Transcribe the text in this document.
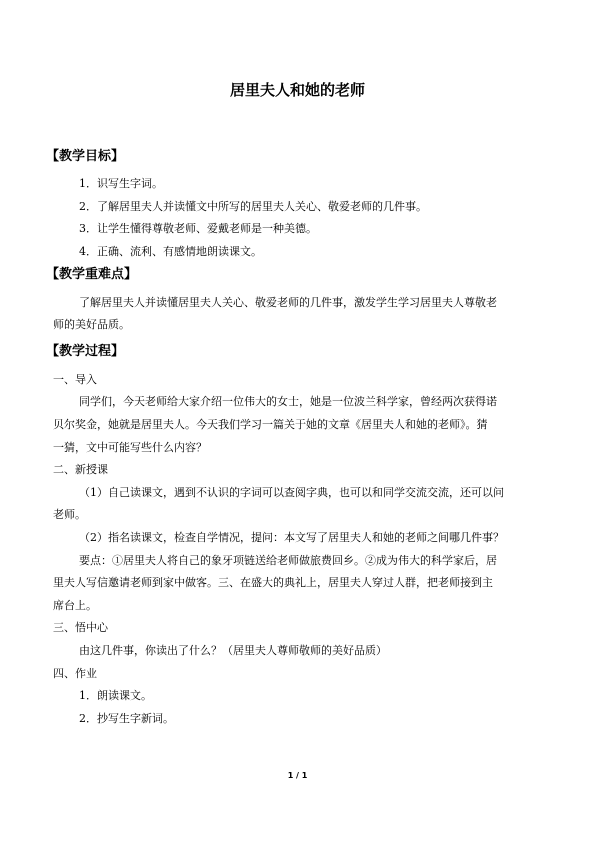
居里夫人和她的老师
【教学目标】
1．识写生字词。
2．了解居里夫人并读懂文中所写的居里夫人关心、敬爱老师的几件事。
3．让学生懂得尊敬老师、爱戴老师是一种美德。
4．正确、流利、有感情地朗读课文。
【教学重难点】
了解居里夫人并读懂居里夫人关心、敬爱老师的几件事，激发学生学习居里夫人尊敬老
师的美好品质。
【教学过程】
一、导入
同学们，今天老师给大家介绍一位伟大的女士，她是一位波兰科学家，曾经两次获得诺
贝尔奖金，她就是居里夫人。今天我们学习一篇关于她的文章《居里夫人和她的老师》。猜
一猜，文中可能写些什么内容？
二、新授课
（1）自己读课文，遇到不认识的字词可以查阅字典，也可以和同学交流交流，还可以问
老师。
（2）指名读课文，检查自学情况，提问：本文写了居里夫人和她的老师之间哪几件事？
要点：①居里夫人将自己的象牙项链送给老师做旅费回乡。②成为伟大的科学家后，居
里夫人写信邀请老师到家中做客。三、在盛大的典礼上，居里夫人穿过人群，把老师接到主
席台上。
三、悟中心
由这几件事，你读出了什么？（居里夫人尊师敬师的美好品质）
四、作业
1．朗读课文。
2．抄写生字新词。
1 / 1
